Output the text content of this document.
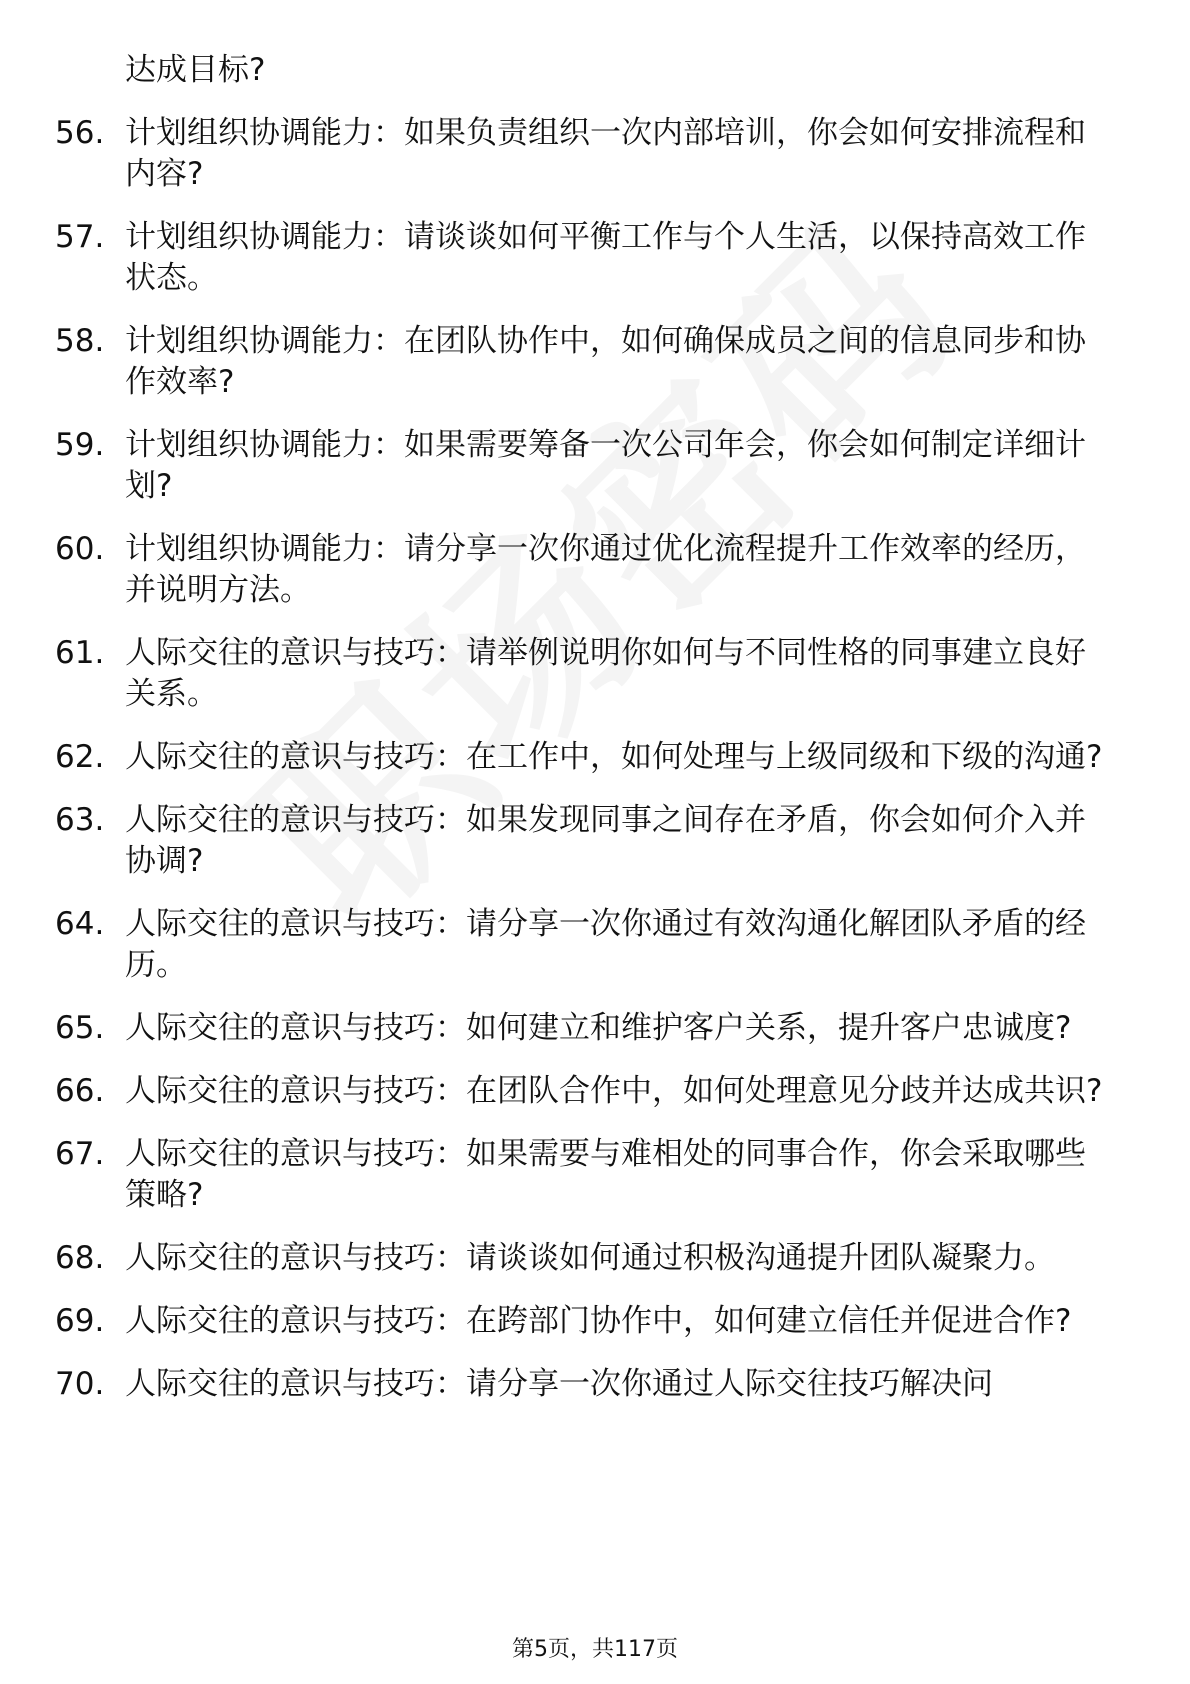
达成目标?
56. 计划组织协调能力：如果负责组织一次内部培训，你会如何安排流程和内容?
57. 计划组织协调能力：请谈谈如何平衡工作与个人生活，以保持高效工作状态。
58. 计划组织协调能力：在团队协作中，如何确保成员之间的信息同步和协作效率?
59. 计划组织协调能力：如果需要筹备一次公司年会，你会如何制定详细计划?
60. 计划组织协调能力：请分享一次你通过优化流程提升工作效率的经历，并说明方法。
61. 人际交往的意识与技巧：请举例说明你如何与不同性格的同事建立良好关系。
62. 人际交往的意识与技巧：在工作中，如何处理与上级同级和下级的沟通?
63. 人际交往的意识与技巧：如果发现同事之间存在矛盾，你会如何介入并协调?
64. 人际交往的意识与技巧：请分享一次你通过有效沟通化解团队矛盾的经历。
65. 人际交往的意识与技巧：如何建立和维护客户关系，提升客户忠诚度?
66. 人际交往的意识与技巧：在团队合作中，如何处理意见分歧并达成共识?
67. 人际交往的意识与技巧：如果需要与难相处的同事合作，你会采取哪些策略?
68. 人际交往的意识与技巧：请谈谈如何通过积极沟通提升团队凝聚力。
69. 人际交往的意识与技巧：在跨部门协作中，如何建立信任并促进合作?
70. 人际交往的意识与技巧：请分享一次你通过人际交往技巧解决问
第5页，共117页
